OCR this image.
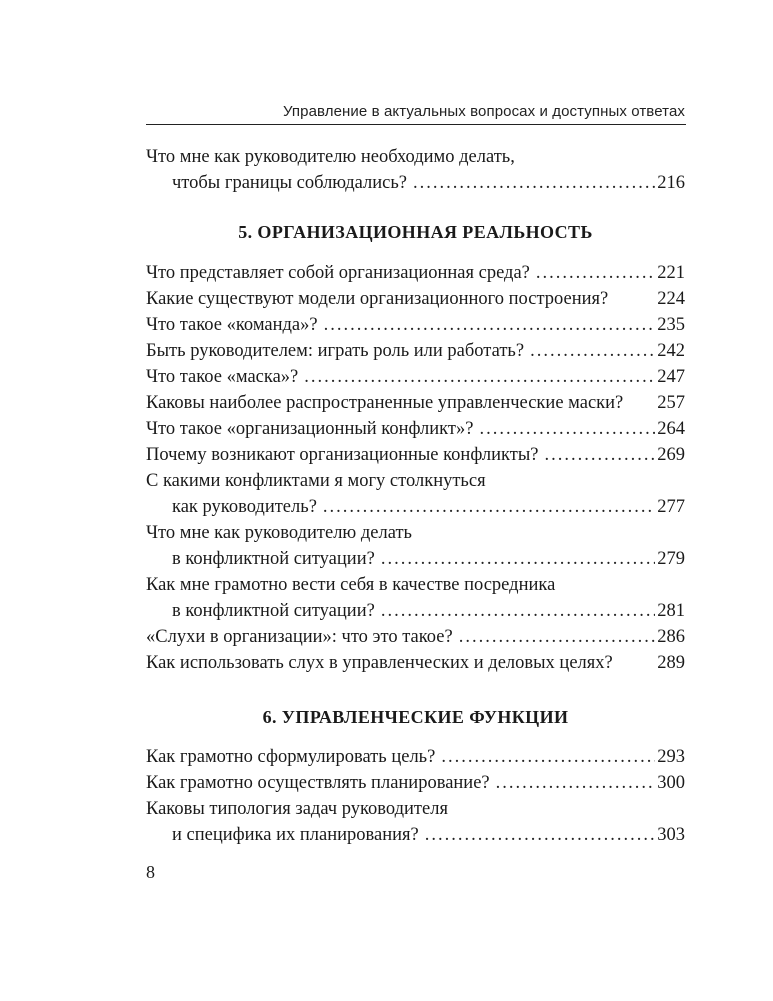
Управление в актуальных вопросах и доступных ответах
Что мне как руководителю необходимо делать,
чтобы границы соблюдались? .....	216
5. ОРГАНИЗАЦИОННАЯ РЕАЛЬНОСТЬ
Что представляет собой организационная среда? .....	221
Какие существуют модели организационного построения?	224
Что такое «команда»? .....	235
Быть руководителем: играть роль или работать? .....	242
Что такое «маска»? .....	247
Каковы наиболее распространенные управленческие маски? 257
Что такое «организационный конфликт»? .....	264
Почему возникают организационные конфликты? .....	269
С какими конфликтами я могу столкнуться
как руководитель? .....	277
Что мне как руководителю делать
в конфликтной ситуации? .....	279
Как мне грамотно вести себя в качестве посредника
в конфликтной ситуации? .....	281
«Слухи в организации»: что это такое? .....	286
Как использовать слух в управленческих и деловых целях? 289
6. УПРАВЛЕНЧЕСКИЕ ФУНКЦИИ
Как грамотно сформулировать цель? .....	293
Как грамотно осуществлять планирование? .....	300
Каковы типология задач руководителя
и специфика их планирования? .....	303
8
